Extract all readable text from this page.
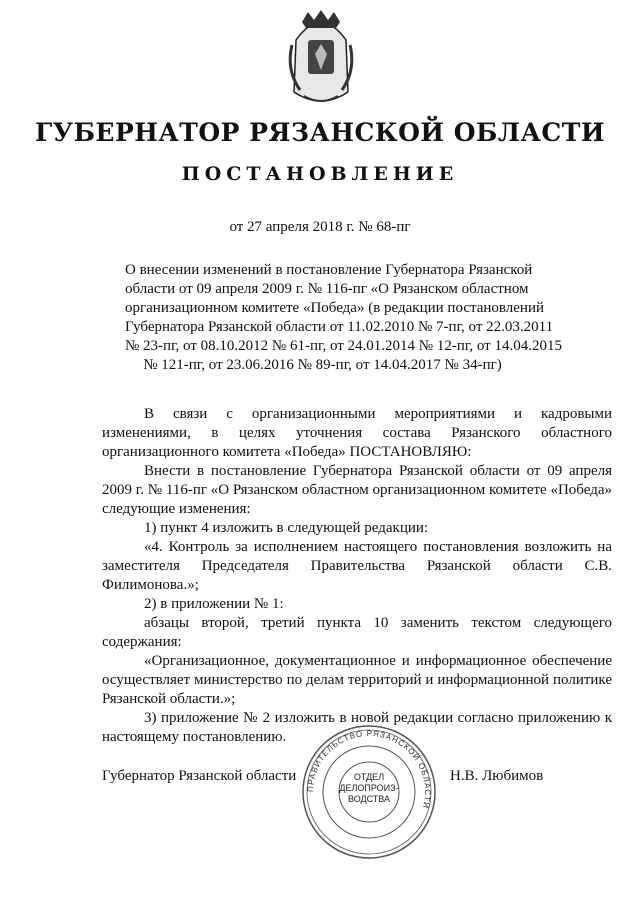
ГУБЕРНАТОР РЯЗАНСКОЙ ОБЛАСТИ
ПОСТАНОВЛЕНИЕ
от 27 апреля 2018 г. № 68-пг
О внесении изменений в постановление Губернатора Рязанской
области от 09 апреля 2009 г. № 116-пг «О Рязанском областном
организационном комитете «Победа» (в редакции постановлений
Губернатора Рязанской области от 11.02.2010 № 7-пг, от 22.03.2011
№ 23-пг, от 08.10.2012 № 61-пг, от 24.01.2014 № 12-пг, от 14.04.2015
№ 121-пг, от 23.06.2016 № 89-пг, от 14.04.2017 № 34-пг)

В связи с организационными мероприятиями и кадровыми изменениями, в целях уточнения состава Рязанского областного организационного комитета «Победа» ПОСТАНОВЛЯЮ:

Внести в постановление Губернатора Рязанской области от 09 апреля 2009 г. № 116-пг «О Рязанском областном организационном комитете «Победа» следующие изменения:

1) пункт 4 изложить в следующей редакции:

«4. Контроль за исполнением настоящего постановления возложить на заместителя Председателя Правительства Рязанской области С.В. Филимонова.»;

2) в приложении № 1:

абзацы второй, третий пункта 10 заменить текстом следующего содержания:

«Организационное, документационное и информационное обеспечение осуществляет министерство по делам территорий и информационной политике Рязанской области.»;

3) приложение № 2 изложить в новой редакции согласно приложению к настоящему постановлению.

Губернатор Рязанской области
ПРАВИТЕЛЬСТВО РЯЗАНСКОЙ ОБЛАСТИ
ОТДЕЛ
ДЕЛОПРОИЗ-
ВОДСТВА
Н.В. Любимов
